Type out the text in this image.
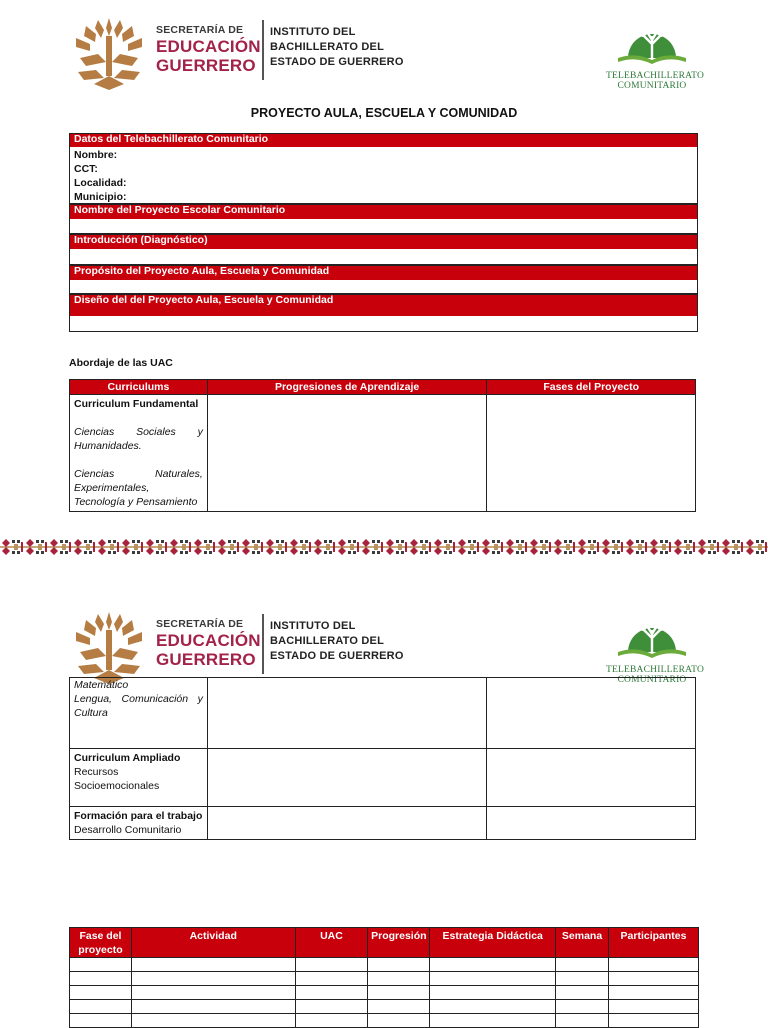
SECRETARÍA DE
EDUCACIÓN
GUERRERO
INSTITUTO DEL
BACHILLERATO DEL
ESTADO DE GUERRERO
TELEBACHILLERATO
COMUNITARIO
PROYECTO AULA, ESCUELA Y COMUNIDAD
Datos del Telebachillerato Comunitario
Nombre:
CCT:
Localidad:
Municipio:
Nombre del Proyecto Escolar Comunitario
Introducción (Diagnóstico)
Propósito del Proyecto Aula, Escuela y Comunidad
Diseño del del Proyecto Aula, Escuela y Comunidad
Abordaje de las UAC
Curriculums	Progresiones de Aprendizaje	Fases del Proyecto

Curriculum Fundamental
Ciencias Sociales y Humanidades.
Ciencias Naturales, Experimentales, Tecnología y Pensamiento		

SECRETARÍA DE
EDUCACIÓN
GUERRERO
INSTITUTO DEL
BACHILLERATO DEL
ESTADO DE GUERRERO
TELEBACHILLERATO
COMUNITARIO
Matemático
Lengua, Comunicación y Cultura		

Curriculum Ampliado
Recursos Socioemocionales		

Formación para el trabajo
Desarrollo Comunitario		

Fase del proyecto	Actividad	UAC	Progresión	Estrategia Didáctica	Semana	Participantes
